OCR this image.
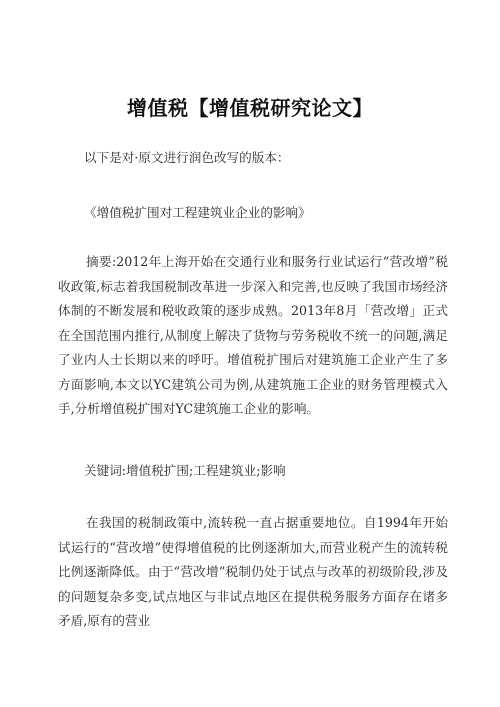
增值税【增值税研究论文】
以下是对·原文进行润色改写的版本：
《增值税扩围对工程建筑业企业的影响》
摘要:2012年上海开始在交通行业和服务行业试运行“营改增”税收政策,标志着我国税制改革进一步深入和完善,也反映了我国市场经济体制的不断发展和税收政策的逐步成熟。2013年8月「营改增」正式在全国范围内推行,从制度上解决了货物与劳务税收不统一的问题,满足了业内人士长期以来的呼吁。增值税扩围后对建筑施工企业产生了多方面影响,本文以YC建筑公司为例,从建筑施工企业的财务管理模式入手,分析增值税扩围对YC建筑施工企业的影响。
关键词:增值税扩围;工程建筑业;影响
在我国的税制政策中,流转税一直占据重要地位。自1994年开始试运行的“营改增”使得增值税的比例逐渐加大,而营业税产生的流转税比例逐渐降低。由于“营改增”税制仍处于试点与改革的初级阶段,涉及的问题复杂多变,试点地区与非试点地区在提供税务服务方面存在诸多矛盾,原有的营业
